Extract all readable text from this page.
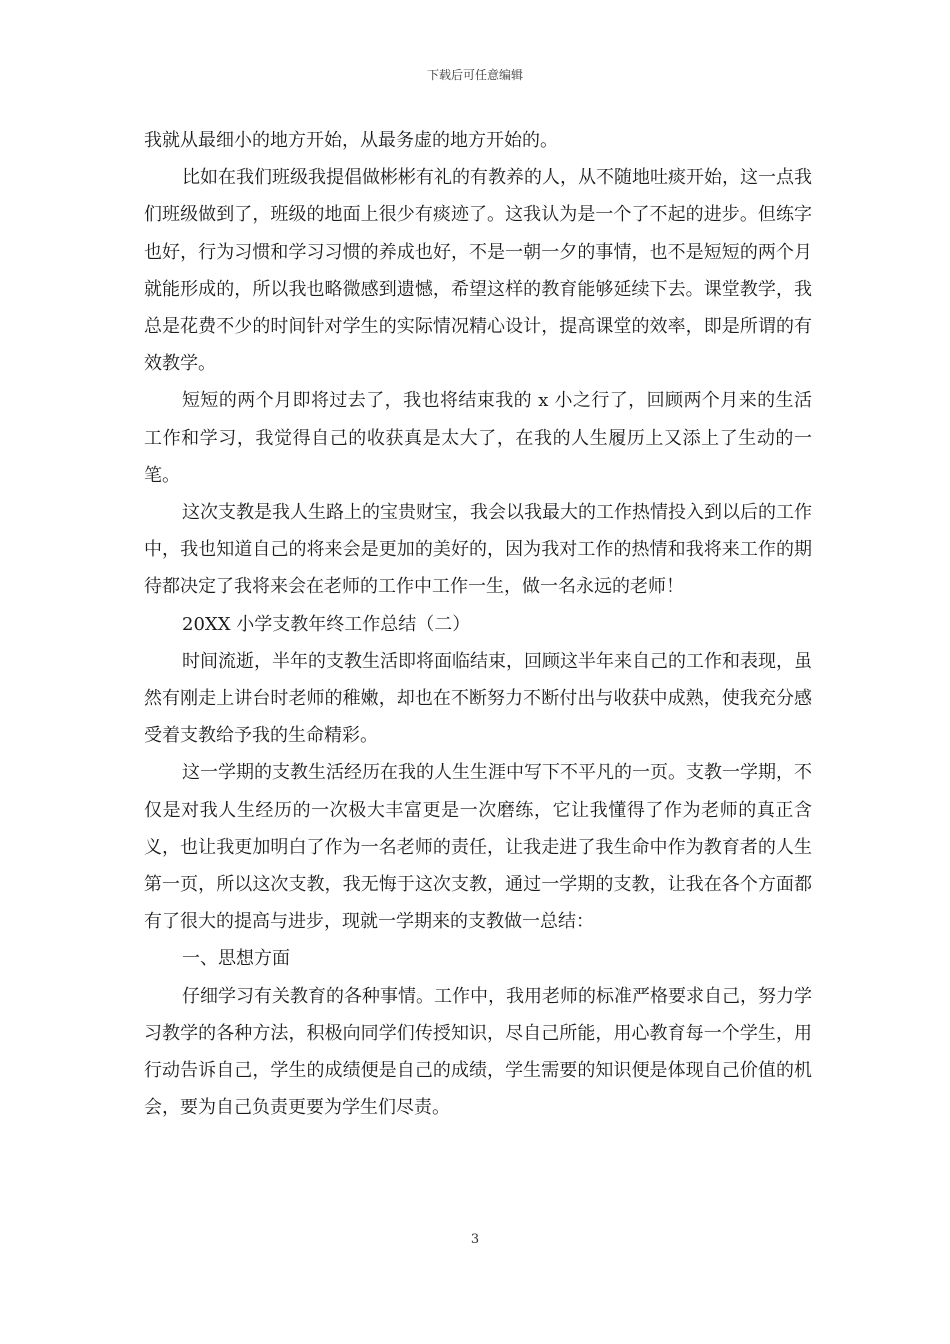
下载后可任意编辑

我就从最细小的地方开始，从最务虚的地方开始的。

比如在我们班级我提倡做彬彬有礼的有教养的人，从不随地吐痰开始，这一点我们班级做到了，班级的地面上很少有痰迹了。这我认为是一个了不起的进步。但练字也好，行为习惯和学习习惯的养成也好，不是一朝一夕的事情，也不是短短的两个月就能形成的，所以我也略微感到遗憾，希望这样的教育能够延续下去。课堂教学，我总是花费不少的时间针对学生的实际情况精心设计，提高课堂的效率，即是所谓的有效教学。

短短的两个月即将过去了，我也将结束我的 x 小之行了，回顾两个月来的生活工作和学习，我觉得自己的收获真是太大了，在我的人生履历上又添上了生动的一笔。

这次支教是我人生路上的宝贵财宝，我会以我最大的工作热情投入到以后的工作中，我也知道自己的将来会是更加的美好的，因为我对工作的热情和我将来工作的期待都决定了我将来会在老师的工作中工作一生，做一名永远的老师！

20XX 小学支教年终工作总结（二）

时间流逝，半年的支教生活即将面临结束，回顾这半年来自己的工作和表现，虽然有刚走上讲台时老师的稚嫩，却也在不断努力不断付出与收获中成熟，使我充分感受着支教给予我的生命精彩。

这一学期的支教生活经历在我的人生生涯中写下不平凡的一页。支教一学期，不仅是对我人生经历的一次极大丰富更是一次磨练，它让我懂得了作为老师的真正含义，也让我更加明白了作为一名老师的责任，让我走进了我生命中作为教育者的人生第一页，所以这次支教，我无悔于这次支教，通过一学期的支教，让我在各个方面都有了很大的提高与进步，现就一学期来的支教做一总结：

一、思想方面

仔细学习有关教育的各种事情。工作中，我用老师的标准严格要求自己，努力学习教学的各种方法，积极向同学们传授知识，尽自己所能，用心教育每一个学生，用行动告诉自己，学生的成绩便是自己的成绩，学生需要的知识便是体现自己价值的机会，要为自己负责更要为学生们尽责。

3
